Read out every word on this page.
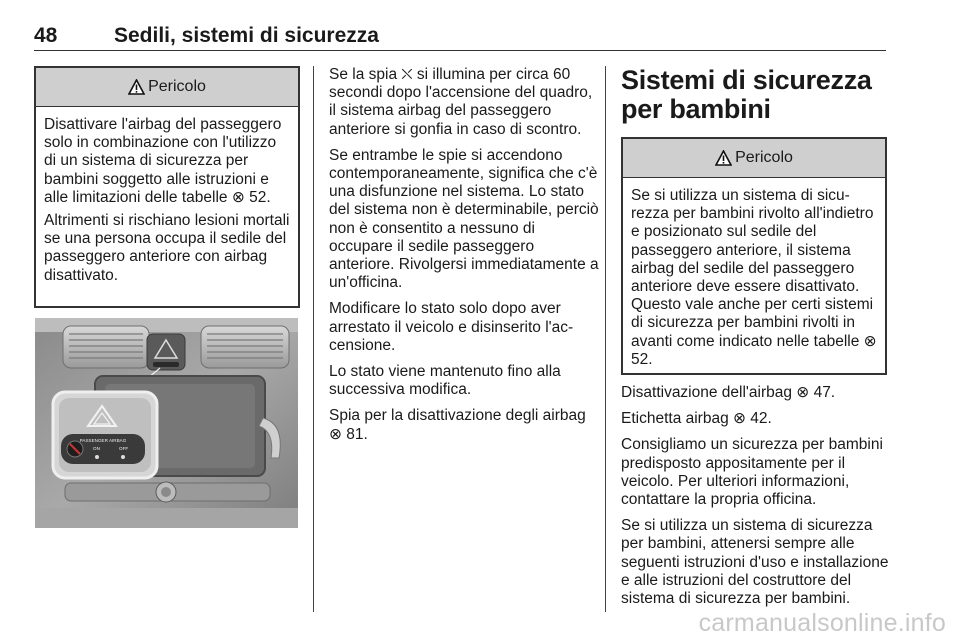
48	Sedili, sistemi di sicurezza
Pericolo

Disattivare l'airbag del passeggero solo in combinazione con l'utilizzo di un sistema di sicurezza per bambini soggetto alle istruzioni e alle limitazioni delle tabelle ⊗ 52.

Altrimenti si rischiano lesioni mortali se una persona occupa il sedile del passeggero anteriore con airbag disattivato.

PASSENGER AIRBAG
ON	OFF

Se la spia ⛌ si illumina per circa 60 secondi dopo l'accensione del quadro, il sistema airbag del passeggero anteriore si gonfia in caso di scontro.

Se entrambe le spie si accendono contemporaneamente, significa che c'è una disfunzione nel sistema. Lo stato del sistema non è determinabile, perciò non è consentito a nessuno di occupare il sedile passeggero anteriore. Rivolgersi immediatamente a un'officina.

Modificare lo stato solo dopo aver arrestato il veicolo e disinserito l'accensione.

Lo stato viene mantenuto fino alla successiva modifica.

Spia per la disattivazione degli airbag ⊗ 81.

Sistemi di sicurezza per bambini
Pericolo

Se si utilizza un sistema di sicurezza per bambini rivolto all'indietro e posizionato sul sedile del passeggero anteriore, il sistema airbag del sedile del passeggero anteriore deve essere disattivato. Questo vale anche per certi sistemi di sicurezza per bambini rivolti in avanti come indicato nelle tabelle ⊗ 52.

Disattivazione dell'airbag ⊗ 47.

Etichetta airbag ⊗ 42.

Consigliamo un sicurezza per bambini predisposto appositamente per il veicolo. Per ulteriori informazioni, contattare la propria officina.

Se si utilizza un sistema di sicurezza per bambini, attenersi sempre alle seguenti istruzioni d'uso e installazione e alle istruzioni del costruttore del sistema di sicurezza per bambini.

carmanualsonline.info
